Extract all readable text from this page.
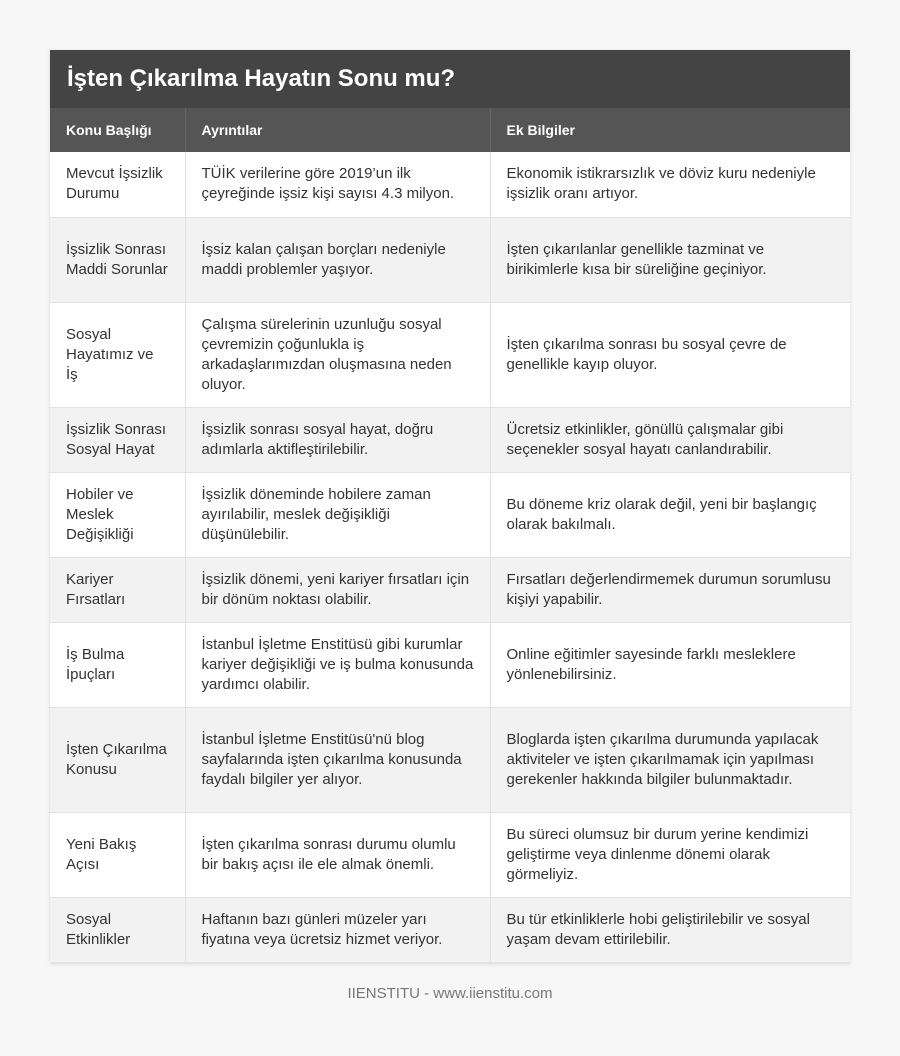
İşten Çıkarılma Hayatın Sonu mu?
Konu Başlığı	Ayrıntılar	Ek Bilgiler
Mevcut İşsizlik Durumu	TÜİK verilerine göre 2019’un ilk çeyreğinde işsiz kişi sayısı 4.3 milyon.	Ekonomik istikrarsızlık ve döviz kuru nedeniyle işsizlik oranı artıyor.
İşsizlik Sonrası Maddi Sorunlar	İşsiz kalan çalışan borçları nedeniyle maddi problemler yaşıyor.	İşten çıkarılanlar genellikle tazminat ve birikimlerle kısa bir süreliğine geçiniyor.
Sosyal Hayatımız ve İş	Çalışma sürelerinin uzunluğu sosyal çevremizin çoğunlukla iş arkadaşlarımızdan oluşmasına neden oluyor.	İşten çıkarılma sonrası bu sosyal çevre de genellikle kayıp oluyor.
İşsizlik Sonrası Sosyal Hayat	İşsizlik sonrası sosyal hayat, doğru adımlarla aktifleştirilebilir.	Ücretsiz etkinlikler, gönüllü çalışmalar gibi seçenekler sosyal hayatı canlandırabilir.
Hobiler ve Meslek Değişikliği	İşsizlik döneminde hobilere zaman ayırılabilir, meslek değişikliği düşünülebilir.	Bu döneme kriz olarak değil, yeni bir başlangıç olarak bakılmalı.
Kariyer Fırsatları	İşsizlik dönemi, yeni kariyer fırsatları için bir dönüm noktası olabilir.	Fırsatları değerlendirmemek durumun sorumlusu kişiyi yapabilir.
İş Bulma İpuçları	İstanbul İşletme Enstitüsü gibi kurumlar kariyer değişikliği ve iş bulma konusunda yardımcı olabilir.	Online eğitimler sayesinde farklı mesleklere yönlenebilirsiniz.
İşten Çıkarılma Konusu	İstanbul İşletme Enstitüsü'nü blog sayfalarında işten çıkarılma konusunda faydalı bilgiler yer alıyor.	Bloglarda işten çıkarılma durumunda yapılacak aktiviteler ve işten çıkarılmamak için yapılması gerekenler hakkında bilgiler bulunmaktadır.
Yeni Bakış Açısı	İşten çıkarılma sonrası durumu olumlu bir bakış açısı ile ele almak önemli.	Bu süreci olumsuz bir durum yerine kendimizi geliştirme veya dinlenme dönemi olarak görmeliyiz.
Sosyal Etkinlikler	Haftanın bazı günleri müzeler yarı fiyatına veya ücretsiz hizmet veriyor.	Bu tür etkinliklerle hobi geliştirilebilir ve sosyal yaşam devam ettirilebilir.
IIENSTITU - www.iienstitu.com
